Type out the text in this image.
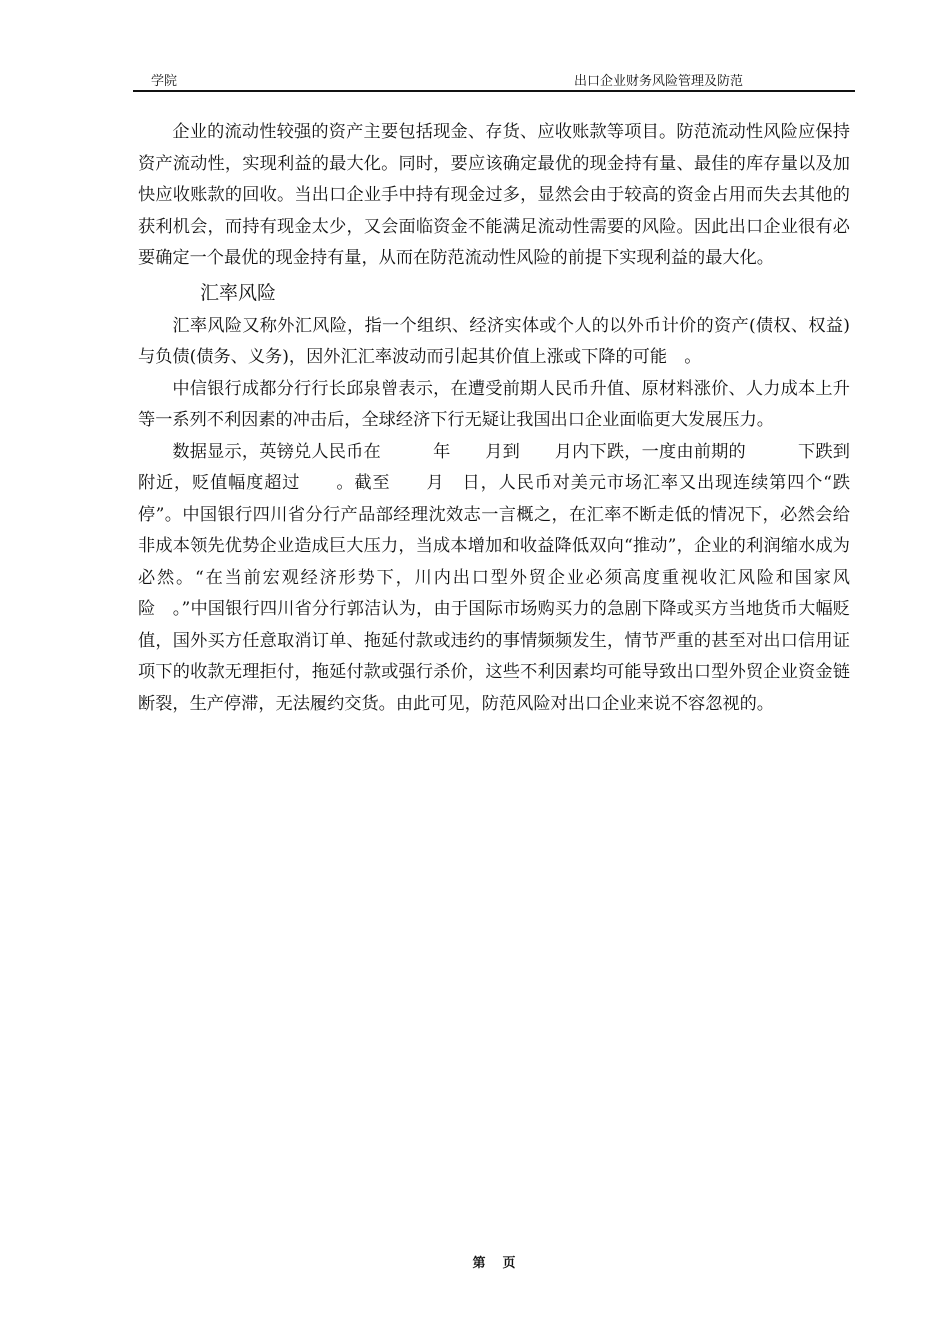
学院	出口企业财务风险管理及防范

企业的流动性较强的资产主要包括现金、存货、应收账款等项目。防范流动性风险应保持资产流动性，实现利益的最大化。同时，要应该确定最优的现金持有量、最佳的库存量以及加快应收账款的回收。当出口企业手中持有现金过多，显然会由于较高的资金占用而失去其他的获利机会，而持有现金太少，又会面临资金不能满足流动性需要的风险。因此出口企业很有必要确定一个最优的现金持有量，从而在防范流动性风险的前提下实现利益的最大化。

汇率风险

汇率风险又称外汇风险，指一个组织、经济实体或个人的以外币计价的资产(债权、权益)与负债(债务、义务)，因外汇汇率波动而引起其价值上涨或下降的可能　。

中信银行成都分行行长邱泉曾表示，在遭受前期人民币升值、原材料涨价、人力成本上升等一系列不利因素的冲击后，全球经济下行无疑让我国出口企业面临更大发展压力。

数据显示，英镑兑人民币在　　　年　　月到　　月内下跌，一度由前期的　　　下跌到　　　附近，贬值幅度超过　　。截至　　月　日，人民币对美元市场汇率又出现连续第四个“跌停”。中国银行四川省分行产品部经理沈效志一言概之，在汇率不断走低的情况下，必然会给非成本领先优势企业造成巨大压力，当成本增加和收益降低双向“推动”，企业的利润缩水成为必然。“在当前宏观经济形势下，川内出口型外贸企业必须高度重视收汇风险和国家风险　。”中国银行四川省分行郭洁认为，由于国际市场购买力的急剧下降或买方当地货币大幅贬值，国外买方任意取消订单、拖延付款或违约的事情频频发生，情节严重的甚至对出口信用证项下的收款无理拒付，拖延付款或强行杀价，这些不利因素均可能导致出口型外贸企业资金链断裂，生产停滞，无法履约交货。由此可见，防范风险对出口企业来说不容忽视的。

第　页
